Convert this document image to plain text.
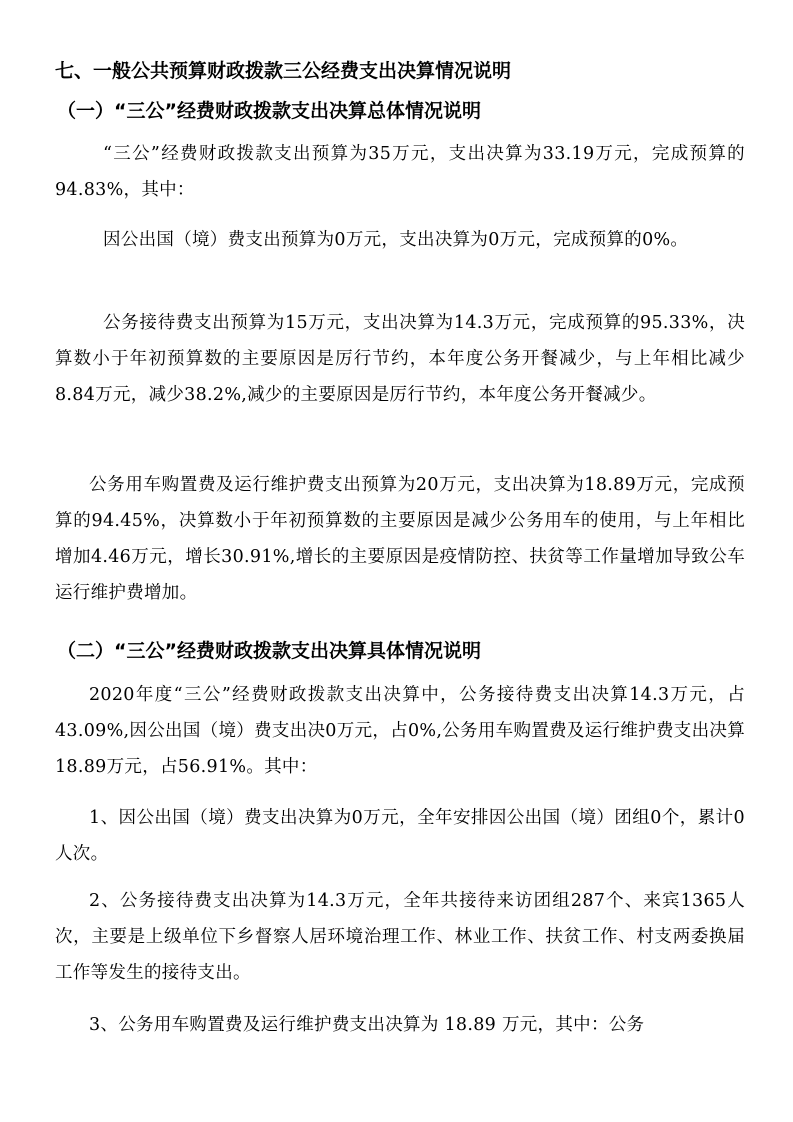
七、一般公共预算财政拨款三公经费支出决算情况说明
（一）“三公”经费财政拨款支出决算总体情况说明
“三公”经费财政拨款支出预算为35万元，支出决算为33.19万元，完成预算的94.83%，其中：
因公出国（境）费支出预算为0万元，支出决算为0万元，完成预算的0%。
公务接待费支出预算为15万元，支出决算为14.3万元，完成预算的95.33%，决算数小于年初预算数的主要原因是厉行节约，本年度公务开餐减少，与上年相比减少8.84万元，减少38.2%,减少的主要原因是厉行节约，本年度公务开餐减少。
公务用车购置费及运行维护费支出预算为20万元，支出决算为18.89万元，完成预算的94.45%，决算数小于年初预算数的主要原因是减少公务用车的使用，与上年相比增加4.46万元，增长30.91%,增长的主要原因是疫情防控、扶贫等工作量增加导致公车运行维护费增加。
（二）“三公”经费财政拨款支出决算具体情况说明
2020年度“三公”经费财政拨款支出决算中，公务接待费支出决算14.3万元，占43.09%,因公出国（境）费支出决0万元，占0%,公务用车购置费及运行维护费支出决算18.89万元，占56.91%。其中：
1、因公出国（境）费支出决算为0万元，全年安排因公出国（境）团组0个，累计0人次。
2、公务接待费支出决算为14.3万元，全年共接待来访团组287个、来宾1365人次，主要是上级单位下乡督察人居环境治理工作、林业工作、扶贫工作、村支两委换届工作等发生的接待支出。
3、公务用车购置费及运行维护费支出决算为 18.89 万元，其中：公务
